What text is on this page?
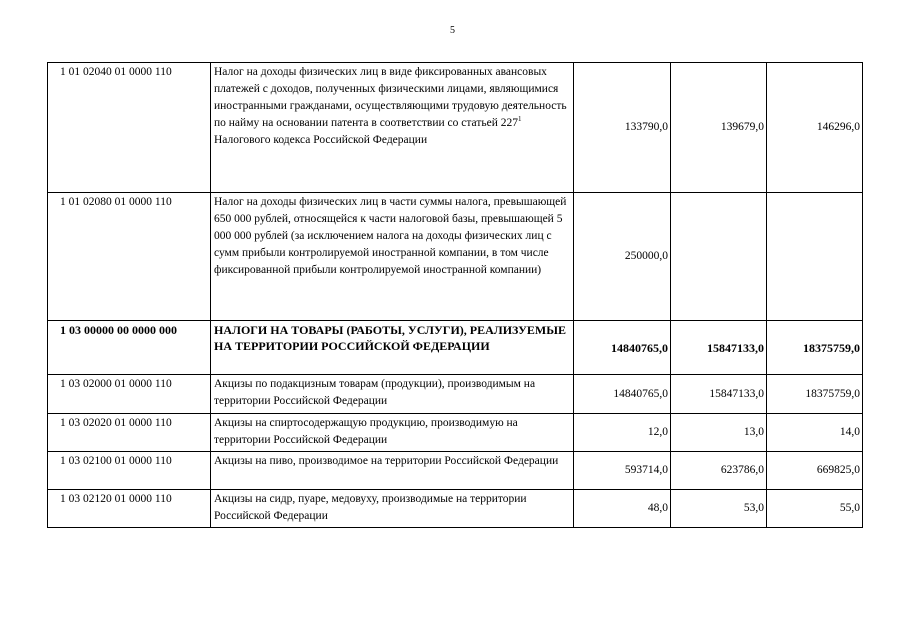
5
1 01 02040 01 0000 110	Налог на доходы физических лиц в виде фиксированных авансовых платежей с доходов, полученных физическими лицами, являющимися иностранными гражданами, осуществляющими трудовую деятельность по найму на основании патента в соответствии со статьей $227^1$ Налогового кодекса Российской Федерации	133790,0	139679,0	146296,0
1 01 02080 01 0000 110	Налог на доходы физических лиц в части суммы налога, превышающей 650 000 рублей, относящейся к части налоговой базы, превышающей 5 000 000 рублей (за исключением налога на доходы физических лиц с сумм прибыли контролируемой иностранной компании, в том числе фиксированной прибыли контролируемой иностранной компании)	250000,0		
1 03 00000 00 0000 000	НАЛОГИ НА ТОВАРЫ (РАБОТЫ, УСЛУГИ), РЕАЛИЗУЕМЫЕ НА ТЕРРИТОРИИ РОССИЙСКОЙ ФЕДЕРАЦИИ	14840765,0	15847133,0	18375759,0
1 03 02000 01 0000 110	Акцизы по подакцизным товарам (продукции), производимым на территории Российской Федерации	14840765,0	15847133,0	18375759,0
1 03 02020 01 0000 110	Акцизы на спиртосодержащую продукцию, производимую на территории Российской Федерации	12,0	13,0	14,0
1 03 02100 01 0000 110	Акцизы на пиво, производимое на территории Российской Федерации	593714,0	623786,0	669825,0
1 03 02120 01 0000 110	Акцизы на сидр, пуаре, медовуху, производимые на территории Российской Федерации	48,0	53,0	55,0
